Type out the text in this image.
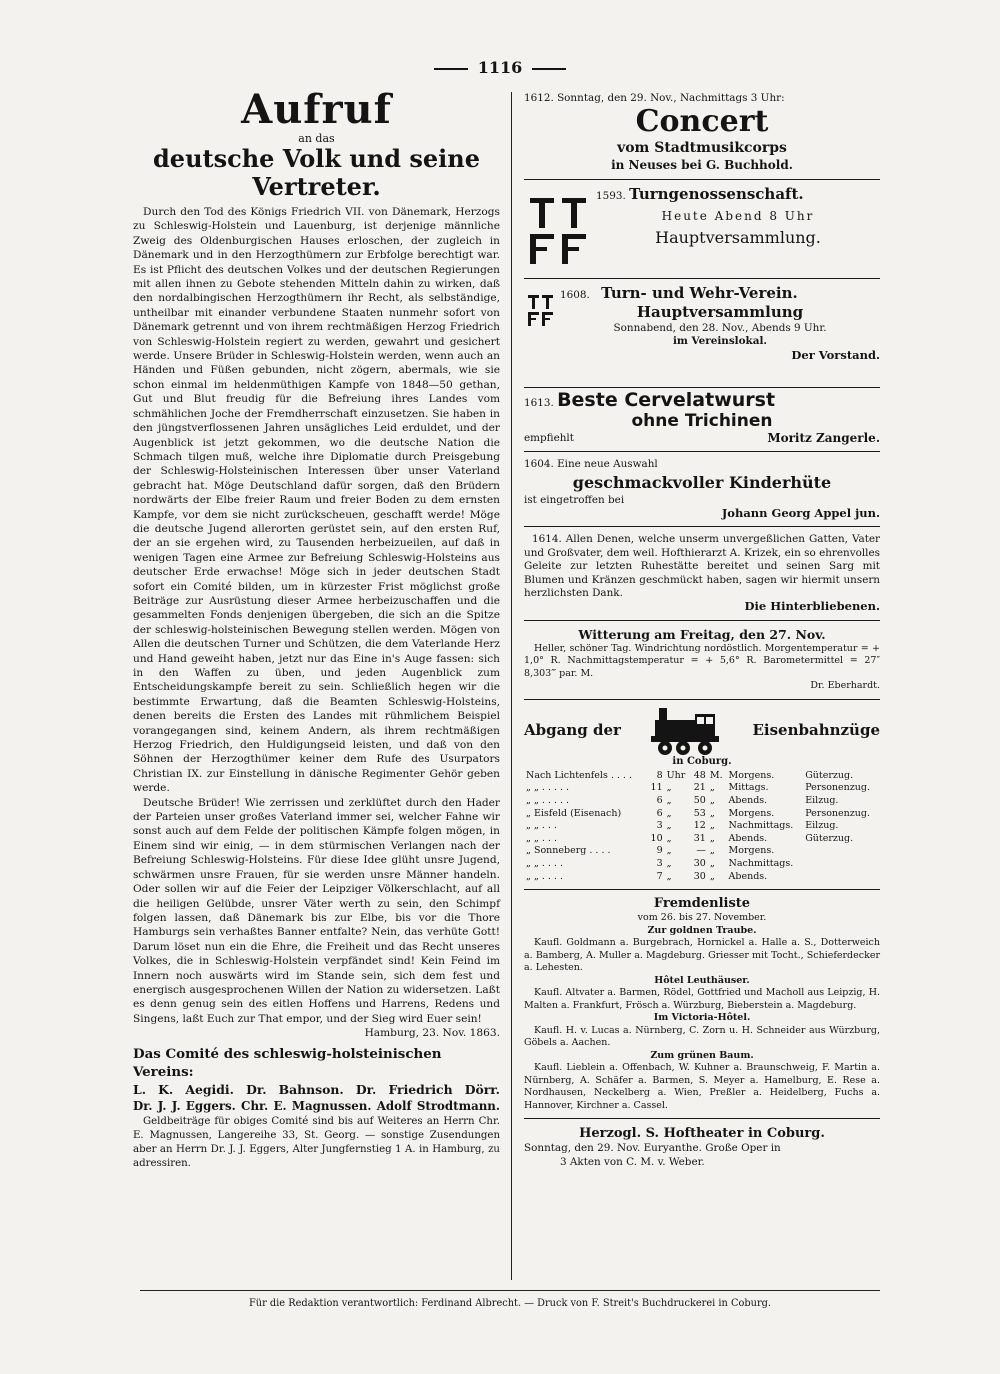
1116
Aufruf
an das
deutsche Volk und seine Vertreter.

Durch den Tod des Königs Friedrich VII. von Dänemark, Herzogs zu Schleswig-Holstein und Lauenburg, ist derjenige männliche Zweig des Oldenburgischen Hauses erloschen, der zugleich in Dänemark und in den Herzogthümern zur Erbfolge berechtigt war. Es ist Pflicht des deutschen Volkes und der deutschen Regierungen mit allen ihnen zu Gebote stehenden Mitteln dahin zu wirken, daß den nordalbingischen Herzogthümern ihr Recht, als selbständige, untheilbar mit einander verbundene Staaten nunmehr sofort von Dänemark getrennt und von ihrem rechtmäßigen Herzog Friedrich von Schleswig-Holstein regiert zu werden, gewahrt und gesichert werde. Unsere Brüder in Schleswig-Holstein werden, wenn auch an Händen und Füßen gebunden, nicht zögern, abermals, wie sie schon einmal im heldenmüthigen Kampfe von 1848—50 gethan, Gut und Blut freudig für die Befreiung ihres Landes vom schmählichen Joche der Fremdherrschaft einzusetzen. Sie haben in den jüngstverflossenen Jahren unsägliches Leid erduldet, und der Augenblick ist jetzt gekommen, wo die deutsche Nation die Schmach tilgen muß, welche ihre Diplomatie durch Preisgebung der Schleswig-Holsteinischen Interessen über unser Vaterland gebracht hat. Möge Deutschland dafür sorgen, daß den Brüdern nordwärts der Elbe freier Raum und freier Boden zu dem ernsten Kampfe, vor dem sie nicht zurückscheuen, geschafft werde! Möge die deutsche Jugend allerorten gerüstet sein, auf den ersten Ruf, der an sie ergehen wird, zu Tausenden herbeizueilen, auf daß in wenigen Tagen eine Armee zur Befreiung Schleswig-Holsteins aus deutscher Erde erwachse! Möge sich in jeder deutschen Stadt sofort ein Comité bilden, um in kürzester Frist möglichst große Beiträge zur Ausrüstung dieser Armee herbeizuschaffen und die gesammelten Fonds denjenigen übergeben, die sich an die Spitze der schleswig-holsteinischen Bewegung stellen werden. Mögen von Allen die deutschen Turner und Schützen, die dem Vaterlande Herz und Hand geweiht haben, jetzt nur das Eine in's Auge fassen: sich in den Waffen zu üben, und jeden Augenblick zum Entscheidungskampfe bereit zu sein. Schließlich hegen wir die bestimmte Erwartung, daß die Beamten Schleswig-Holsteins, denen bereits die Ersten des Landes mit rühmlichem Beispiel vorangegangen sind, keinem Andern, als ihrem rechtmäßigen Herzog Friedrich, den Huldigungseid leisten, und daß von den Söhnen der Herzogthümer keiner dem Rufe des Usurpators Christian IX. zur Einstellung in dänische Regimenter Gehör geben werde.

Deutsche Brüder! Wie zerrissen und zerklüftet durch den Hader der Parteien unser großes Vaterland immer sei, welcher Fahne wir sonst auch auf dem Felde der politischen Kämpfe folgen mögen, in Einem sind wir einig, — in dem stürmischen Verlangen nach der Befreiung Schleswig-Holsteins. Für diese Idee glüht unsre Jugend, schwärmen unsre Frauen, für sie werden unsre Männer handeln. Oder sollen wir auf die Feier der Leipziger Völkerschlacht, auf all die heiligen Gelübde, unsrer Väter werth zu sein, den Schimpf folgen lassen, daß Dänemark bis zur Elbe, bis vor die Thore Hamburgs sein verhaßtes Banner entfalte? Nein, das verhüte Gott! Darum löset nun ein die Ehre, die Freiheit und das Recht unseres Volkes, die in Schleswig-Holstein verpfändet sind! Kein Feind im Innern noch auswärts wird im Stande sein, sich dem fest und energisch ausgesprochenen Willen der Nation zu widersetzen. Laßt es denn genug sein des eitlen Hoffens und Harrens, Redens und Singens, laßt Euch zur That empor, und der Sieg wird Euer sein!

Hamburg, 23. Nov. 1863.
Das Comité des schleswig-holsteinischen Vereins:
L. K. Aegidi. Dr. Bahnson. Dr. Friedrich Dörr.
Dr. J. J. Eggers. Chr. E. Magnussen. Adolf Strodtmann.

Geldbeiträge für obiges Comité sind bis auf Weiteres an Herrn Chr. E. Magnussen, Langereihe 33, St. Georg. — sonstige Zusendungen aber an Herrn Dr. J. J. Eggers, Alter Jungfernstieg 1 A. in Hamburg, zu adressiren.

1612. Sonntag, den 29. Nov., Nachmittags 3 Uhr:
Concert
vom Stadtmusikcorps
in Neuses bei G. Buchhold.
1593. Turngenossenschaft.
Heute Abend 8 Uhr
Hauptversammlung.
1608. Turn- und Wehr-Verein.
Hauptversammlung
Sonnabend, den 28. Nov., Abends 9 Uhr.
im Vereinslokal.
Der Vorstand.
1613. Beste Cervelatwurst
ohne Trichinen
empfiehlt	Moritz Zangerle.
1604. Eine neue Auswahl
geschmackvoller Kinderhüte
ist eingetroffen bei
Johann Georg Appel jun.

1614. Allen Denen, welche unserm unvergeßlichen Gatten, Vater und Großvater, dem weil. Hofthierarzt A. Krizek, ein so ehrenvolles Geleite zur letzten Ruhestätte bereitet und seinen Sarg mit Blumen und Kränzen geschmückt haben, sagen wir hiermit unsern herzlichsten Dank.

Die Hinterbliebenen.
Witterung am Freitag, den 27. Nov.

Heller, schöner Tag. Windrichtung nordöstlich. Morgentemperatur = + 1,0° R. Nachmittagstemperatur = + 5,6° R. Barometermittel = 27″ 8,303‴ par. M.

Dr. Eberhardt.
Abgang der	Eisenbahnzüge
in Coburg.
Nach Lichtenfels . . . .	8	Uhr	48	M.	Morgens.	Güterzug.
„ „ . . . . .	11	„	21	„	Mittags.	Personenzug.
„ „ . . . . .	6	„	50	„	Abends.	Eilzug.
„ Eisfeld (Eisenach)	6	„	53	„	Morgens.	Personenzug.
„ „ . . .	3	„	12	„	Nachmittags.	Eilzug.
„ „ . . .	10	„	31	„	Abends.	Güterzug.
„ Sonneberg . . . .	9	„	—	„	Morgens.	
„ „ . . . .	3	„	30	„	Nachmittags.	
„ „ . . . .	7	„	30	„	Abends.	
Fremdenliste
vom 26. bis 27. November.
Zur goldnen Traube.

Kaufl. Goldmann a. Burgebrach, Hornickel a. Halle a. S., Dotterweich a. Bamberg, A. Muller a. Magdeburg. Griesser mit Tocht., Schieferdecker a. Lehesten.

Hôtel Leuthäuser.

Kaufl. Altvater a. Barmen, Rödel, Gottfried und Macholl aus Leipzig, H. Malten a. Frankfurt, Frösch a. Würzburg, Bieberstein a. Magdeburg.

Im Victoria-Hôtel.

Kaufl. H. v. Lucas a. Nürnberg, C. Zorn u. H. Schneider aus Würzburg, Göbels a. Aachen.

Zum grünen Baum.

Kaufl. Lieblein a. Offenbach, W. Kuhner a. Braunschweig, F. Martin a. Nürnberg, A. Schäfer a. Barmen, S. Meyer a. Hamelburg, E. Rese a. Nordhausen, Neckelberg a. Wien, Preßler a. Heidelberg, Fuchs a. Hannover, Kirchner a. Cassel.

Herzogl. S. Hoftheater in Coburg.
Sonntag, den 29. Nov. Euryanthe. Große Oper in
3 Akten von C. M. v. Weber.
Für die Redaktion verantwortlich: Ferdinand Albrecht. — Druck von F. Streit's Buchdruckerei in Coburg.
